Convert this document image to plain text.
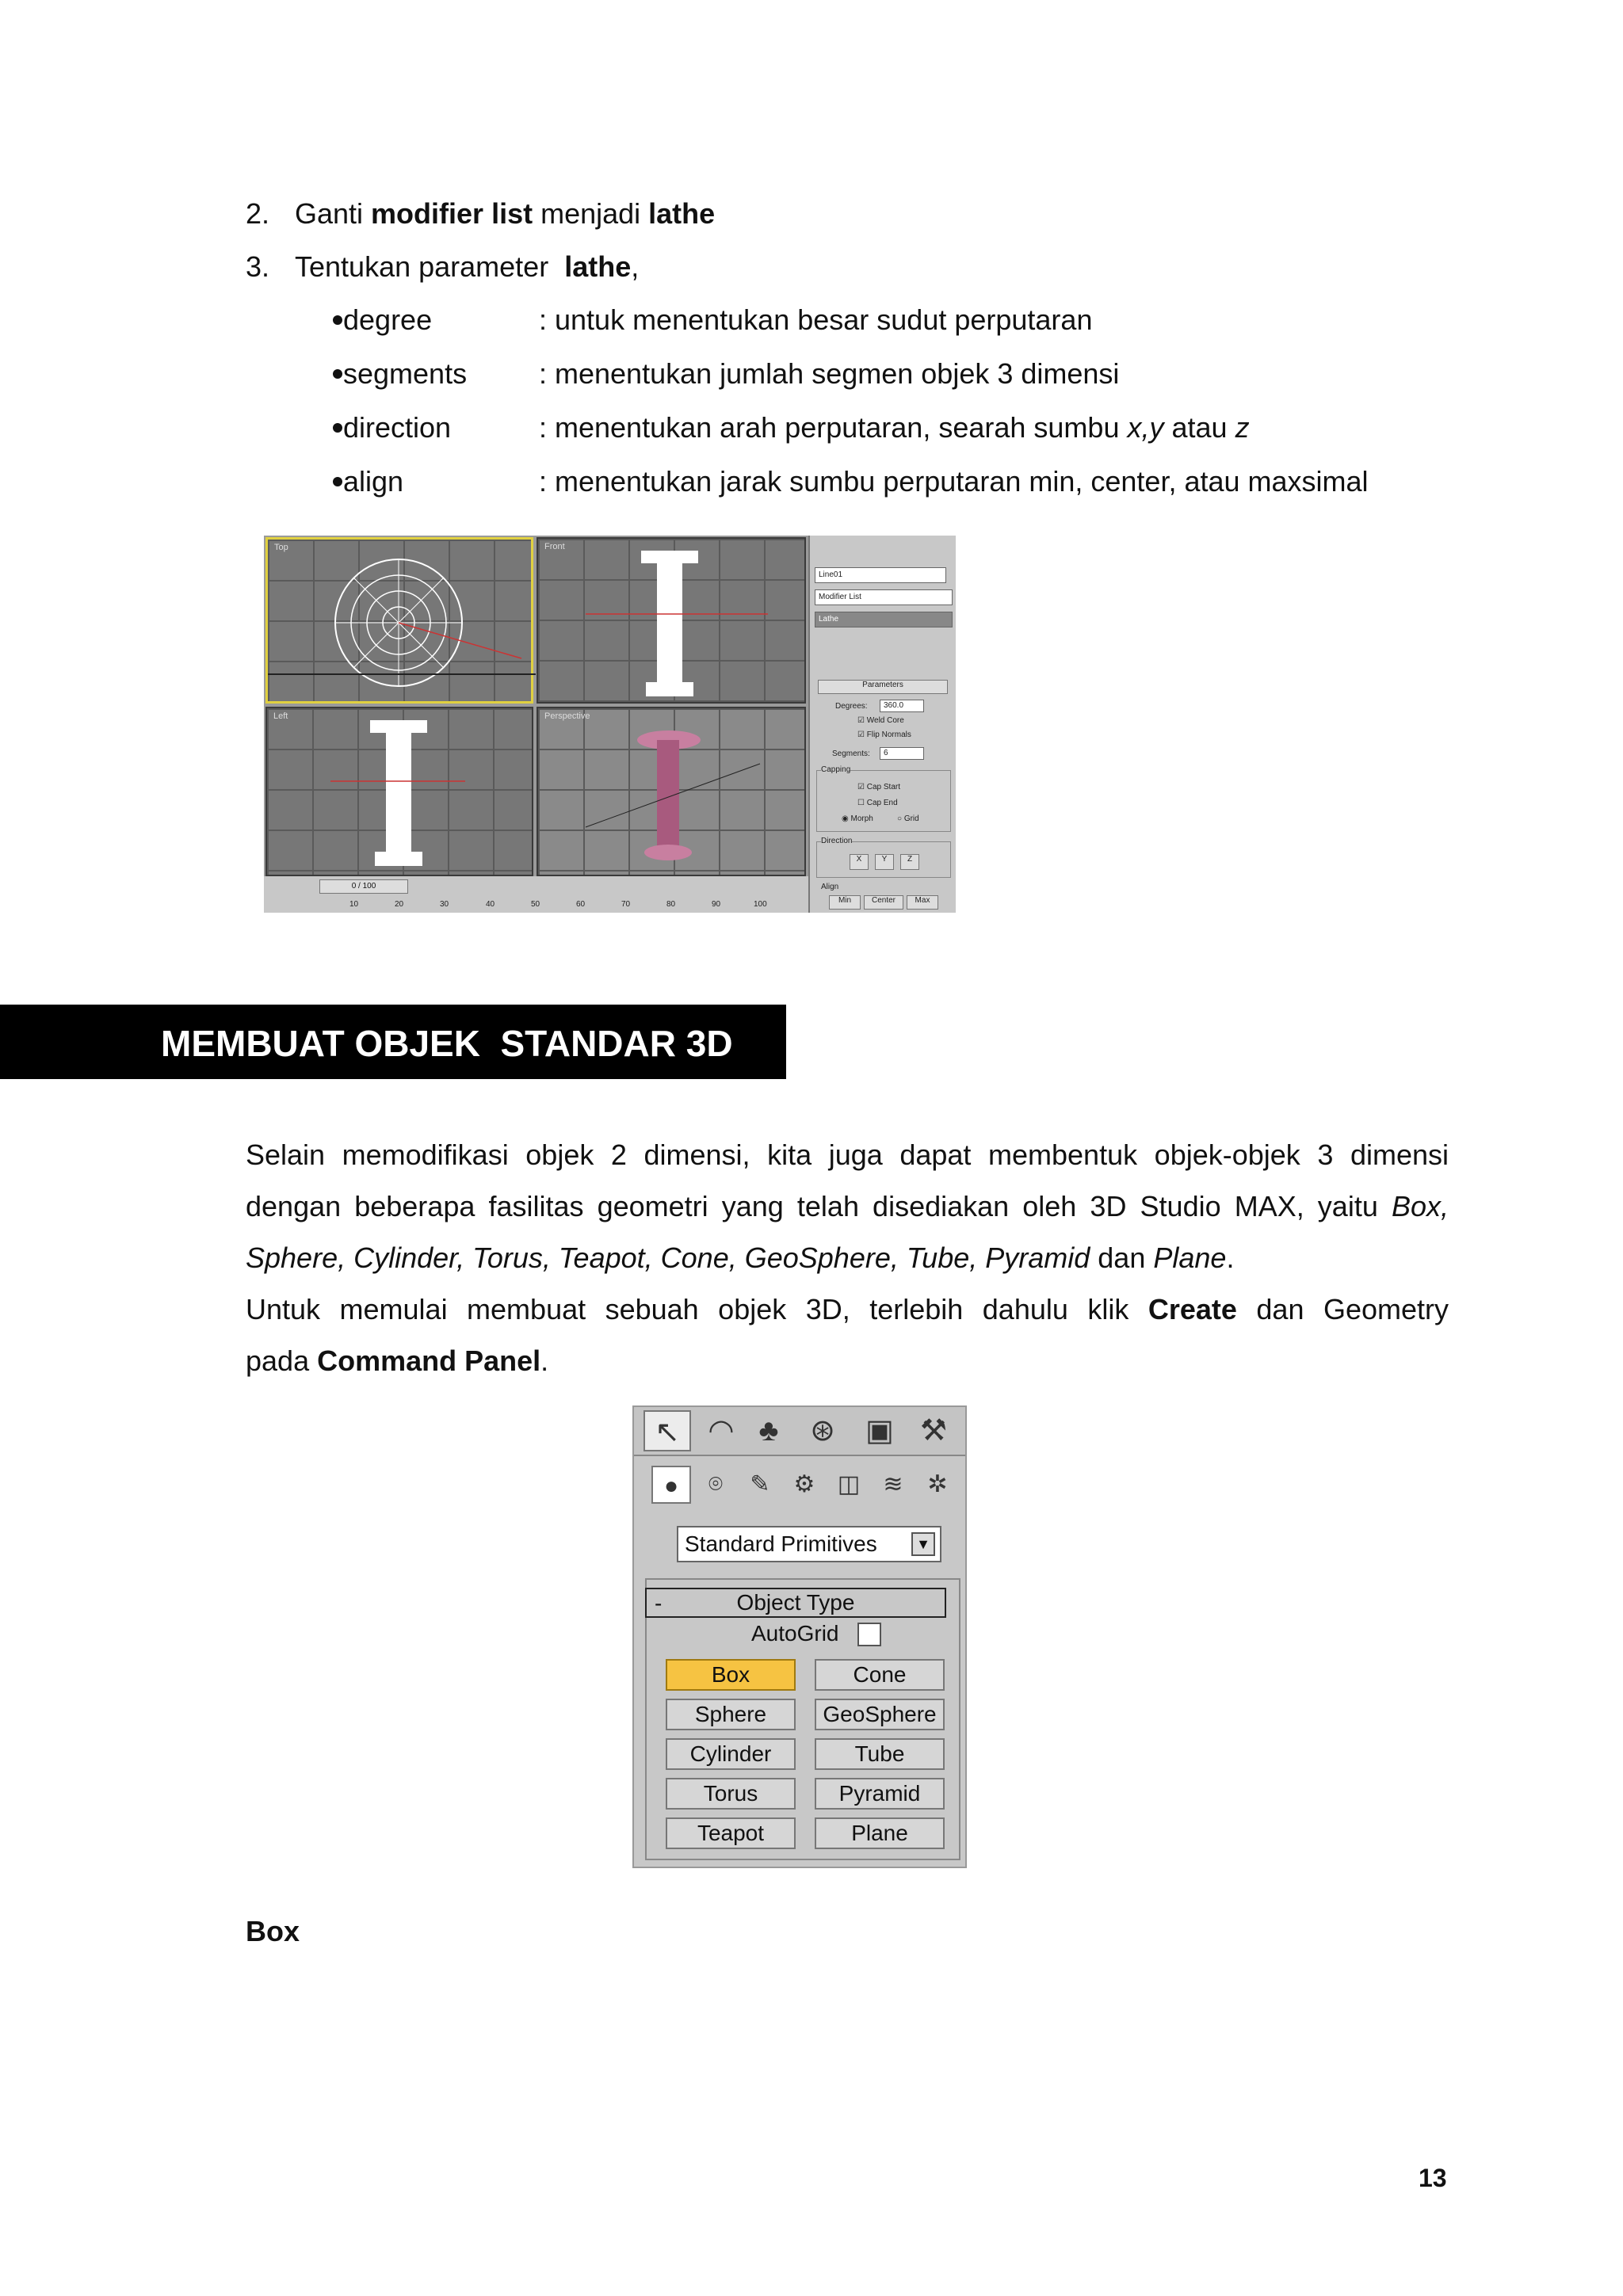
2. Ganti modifier list menjadi lathe
3. Tentukan parameter  lathe,
degree	: untuk menentukan besar sudut perputaran
segments	: menentukan jumlah segmen objek 3 dimensi
direction	: menentukan arah perputaran, searah sumbu x,y atau z
align	: menentukan jarak sumbu perputaran min, center, atau maxsimal
Top	Front
Left	Perspective
0 / 100
10	20	30	40	50	60	70	80	90	100
Line01
Modifier List
Lathe
Parameters
Degrees:	360.0
☑ Weld Core
☑ Flip Normals
Segments:	6
Capping
☑ Cap Start
☐ Cap End
◉ Morph	○ Grid
Direction
X	Y	Z
Align
Min	Center	Max
MEMBUAT OBJEK  STANDAR 3D
Selain memodifikasi objek 2 dimensi, kita juga dapat membentuk objek-objek 3 dimensi
dengan beberapa fasilitas geometri yang telah disediakan oleh 3D Studio MAX, yaitu Box,
Sphere, Cylinder, Torus, Teapot, Cone, GeoSphere, Tube, Pyramid dan Plane.
Untuk memulai membuat sebuah objek 3D, terlebih dahulu klik Create dan Geometry
pada Command Panel.
↖ ◠ ♣	⊛	▣ ⚒
●	⌾	✎ ⚙ ◫ ≋	✲
Standard Primitives	▼
Object Type
-
AutoGrid
Box	Cone
Sphere	GeoSphere
Cylinder	Tube
Torus	Pyramid
Teapot	Plane
Box
13
